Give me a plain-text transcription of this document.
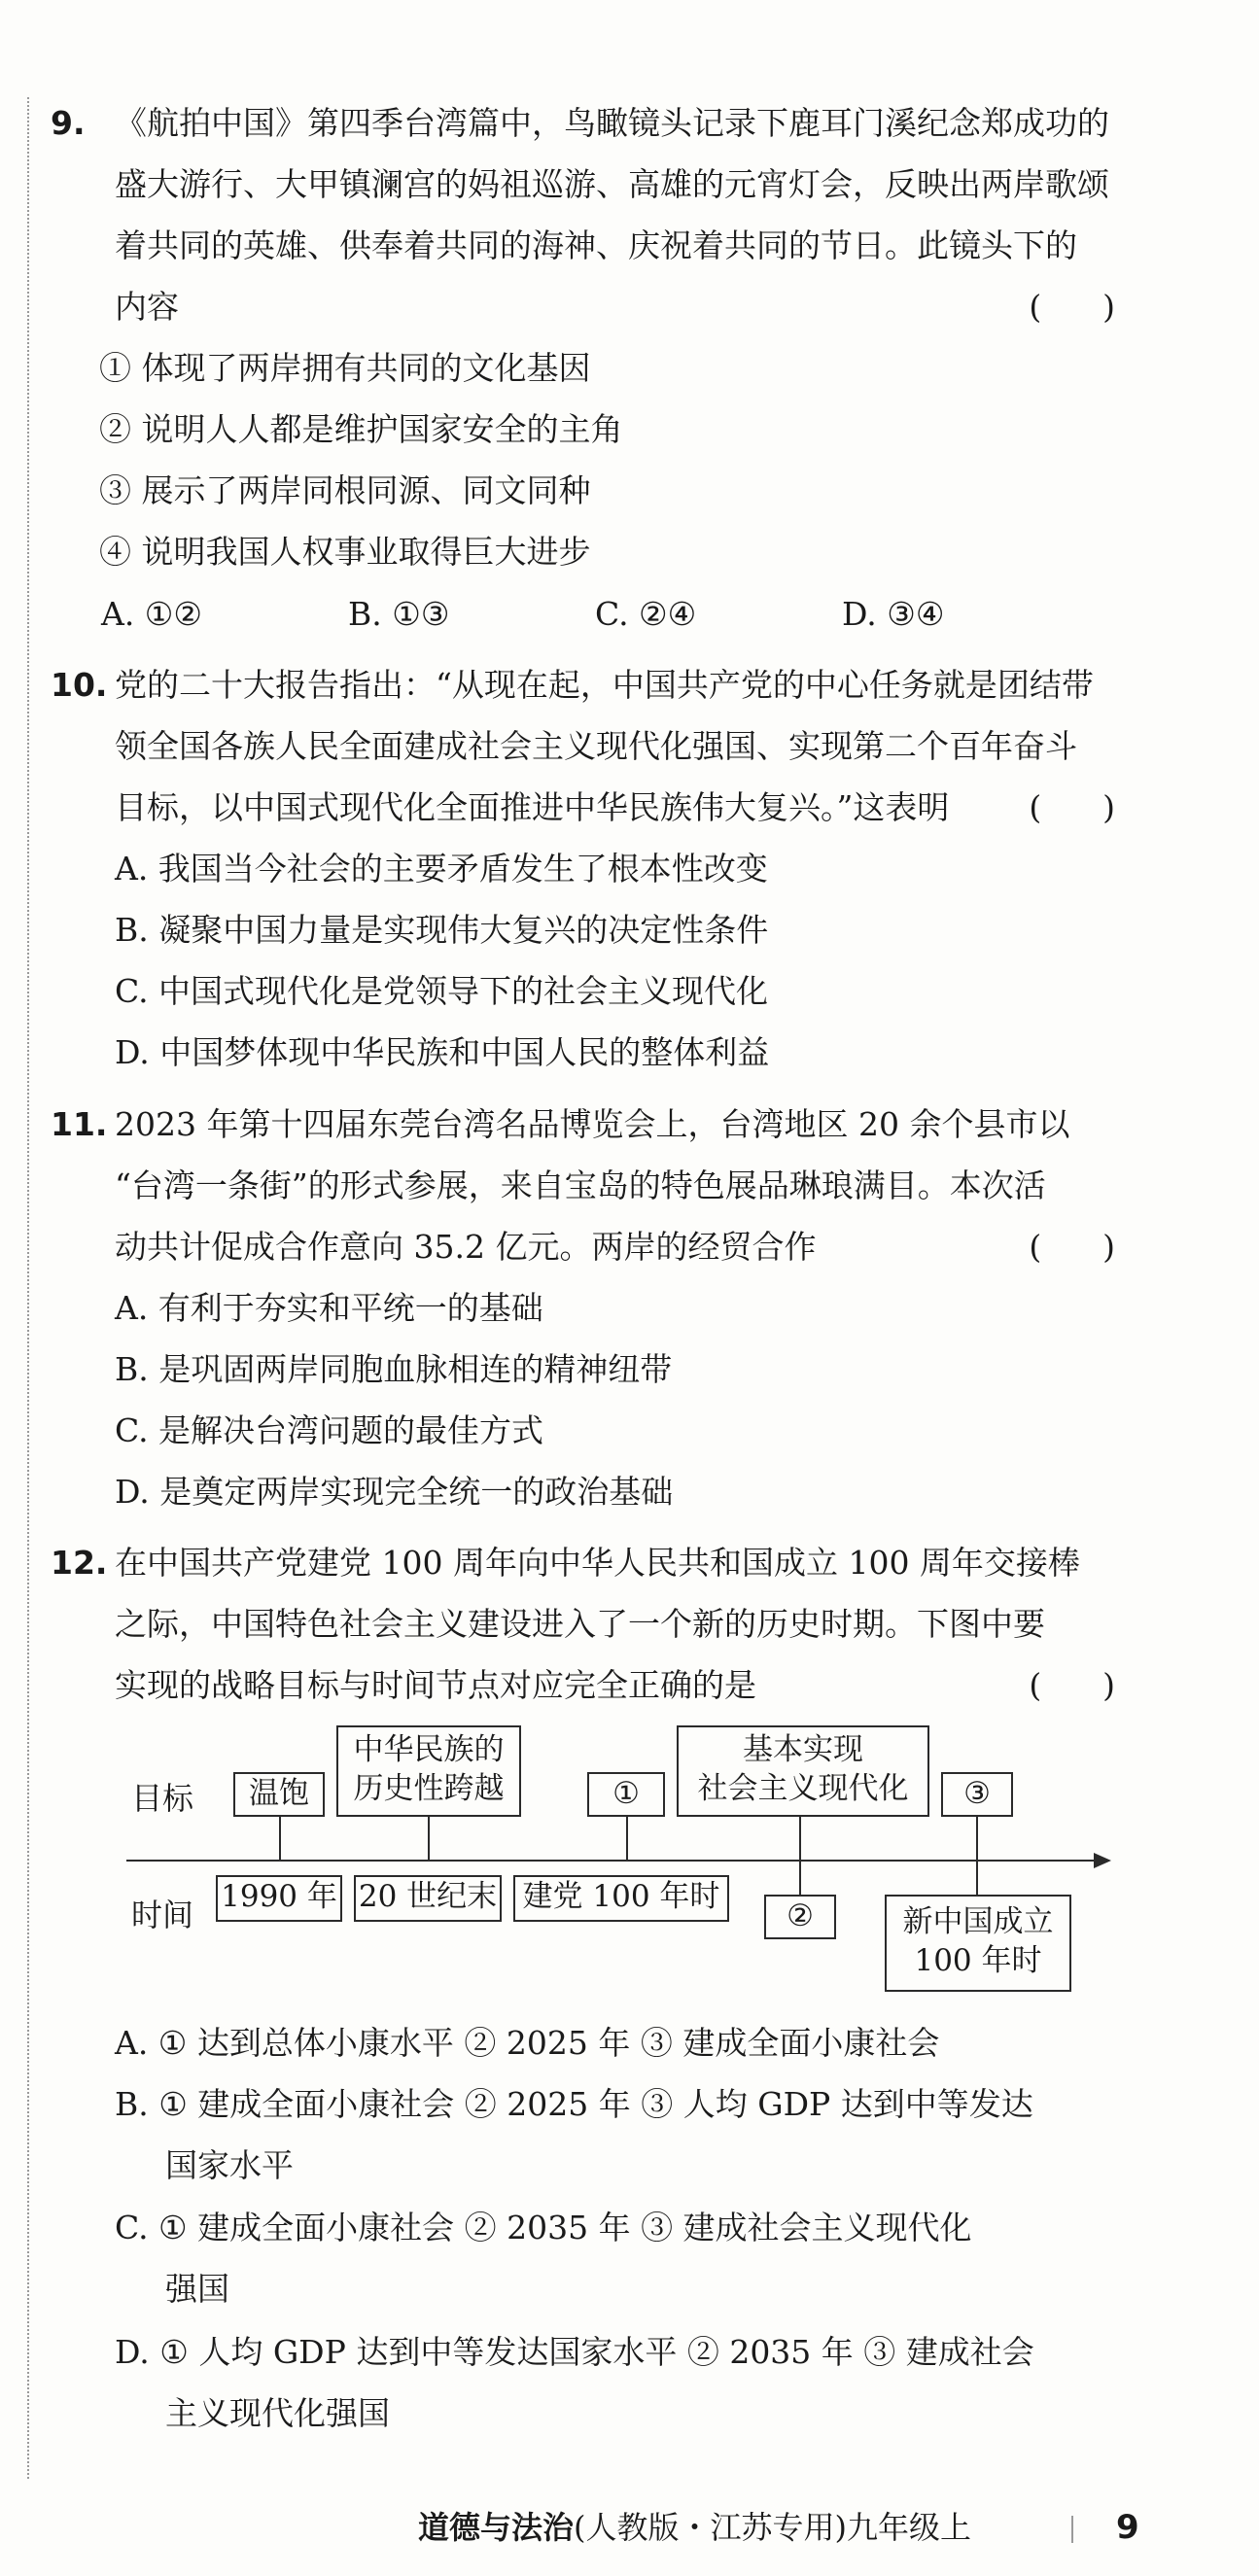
9. 《航拍中国》第四季台湾篇中，鸟瞰镜头记录下鹿耳门溪纪念郑成功的
盛大游行、大甲镇澜宫的妈祖巡游、高雄的元宵灯会，反映出两岸歌颂
着共同的英雄、供奉着共同的海神、庆祝着共同的节日。此镜头下的
内容	(      )
① 体现了两岸拥有共同的文化基因
② 说明人人都是维护国家安全的主角
③ 展示了两岸同根同源、同文同种
④ 说明我国人权事业取得巨大进步
A. ①②	B. ①③	C. ②④	D. ③④
10. 党的二十大报告指出：“从现在起，中国共产党的中心任务就是团结带
领全国各族人民全面建成社会主义现代化强国、实现第二个百年奋斗
目标，以中国式现代化全面推进中华民族伟大复兴。”这表明 (      )
A. 我国当今社会的主要矛盾发生了根本性改变
B. 凝聚中国力量是实现伟大复兴的决定性条件
C. 中国式现代化是党领导下的社会主义现代化
D. 中国梦体现中华民族和中国人民的整体利益
11. 2023 年第十四届东莞台湾名品博览会上，台湾地区 20 余个县市以
“台湾一条街”的形式参展，来自宝岛的特色展品琳琅满目。本次活
动共计促成合作意向 35.2 亿元。两岸的经贸合作	(      )
A. 有利于夯实和平统一的基础
B. 是巩固两岸同胞血脉相连的精神纽带
C. 是解决台湾问题的最佳方式
D. 是奠定两岸实现完全统一的政治基础
12. 在中国共产党建党 100 周年向中华人民共和国成立 100 周年交接棒
之际，中国特色社会主义建设进入了一个新的历史时期。下图中要
实现的战略目标与时间节点对应完全正确的是	(      )
目标
时间
温饱
中华民族的
历史性跨越	①
基本实现
社会主义现代化	③
1990 年 20 世纪末 建党 100 年时
②	新中国成立
100 年时
A. ① 达到总体小康水平 ② 2025 年 ③ 建成全面小康社会
B. ① 建成全面小康社会 ② 2025 年 ③ 人均 GDP 达到中等发达
国家水平
C. ① 建成全面小康社会 ② 2035 年 ③ 建成社会主义现代化
强国
D. ① 人均 GDP 达到中等发达国家水平 ② 2035 年 ③ 建成社会
主义现代化强国
道德与法治(人教版・江苏专用)九年级上	9
